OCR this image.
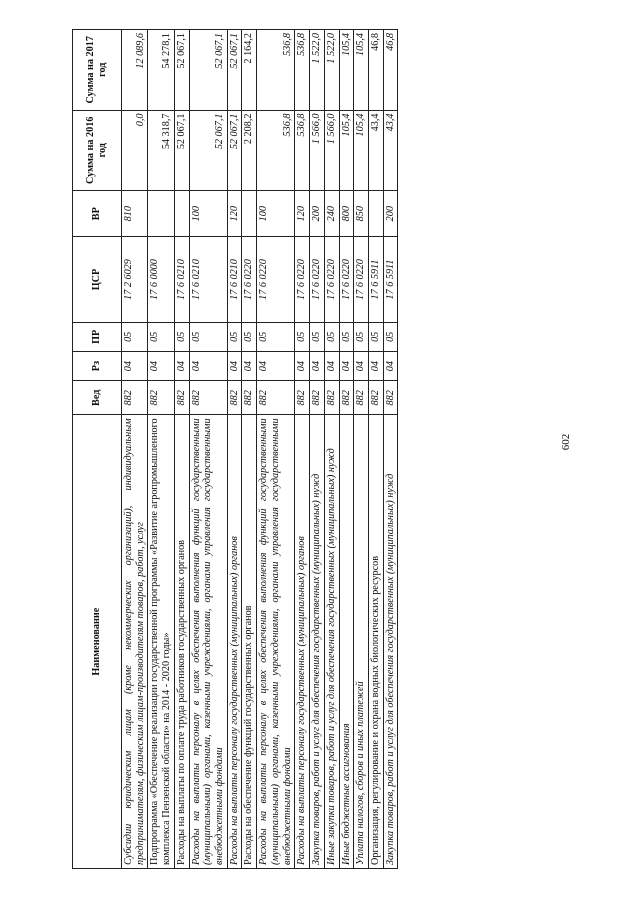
602
Наименование	Вед	Рз	ПР	ЦСР	ВР	Сумма на 2016 год	Сумма на 2017 год
Субсидии юридическим лицам (кроме некоммерческих организаций), индивидуальным предпринимателям, физическим лицам-производителям товаров, работ, услуг	882	04	05	17 2 6029	810	0,0	12 089,6
Подпрограмма «Обеспечение реализации государственной программы «Развитие агропромышленного комплекса Пензенской области» на 2014 - 2020 годы»	882	04	05	17 6 0000		54 318,7	54 278,1
Расходы на выплаты по оплате труда работников государственных органов	882	04	05	17 6 0210		52 067,1	52 067,1
Расходы на выплаты персоналу в целях обеспечения выполнения функций государственными (муниципальными) органами, казенными учреждениями, органами управления государственными внебюджетными фондами	882	04	05	17 6 0210	100	52 067,1	52 067,1
Расходы на выплаты персоналу государственных (муниципальных) органов	882	04	05	17 6 0210	120	52 067,1	52 067,1
Расходы на обеспечение функций государственных органов	882	04	05	17 6 0220		2 208,2	2 164,2
Расходы на выплаты персоналу в целях обеспечения выполнения функций государственными (муниципальными) органами, казенными учреждениями, органами управления государственными внебюджетными фондами	882	04	05	17 6 0220	100	536,8	536,8
Расходы на выплаты персоналу государственных (муниципальных) органов	882	04	05	17 6 0220	120	536,8	536,8
Закупка товаров, работ и услуг для обеспечения государственных (муниципальных) нужд	882	04	05	17 6 0220	200	1 566,0	1 522,0
Иные закупки товаров, работ и услуг для обеспечения государственных (муниципальных) нужд	882	04	05	17 6 0220	240	1 566,0	1 522,0
Иные бюджетные ассигнования	882	04	05	17 6 0220	800	105,4	105,4
Уплата налогов, сборов и иных платежей	882	04	05	17 6 0220	850	105,4	105,4
Организация, регулирование и охрана водных биологических ресурсов	882	04	05	17 6 5911		43,4	46,8
Закупка товаров, работ и услуг для обеспечения государственных (муниципальных) нужд	882	04	05	17 6 5911	200	43,4	46,8
